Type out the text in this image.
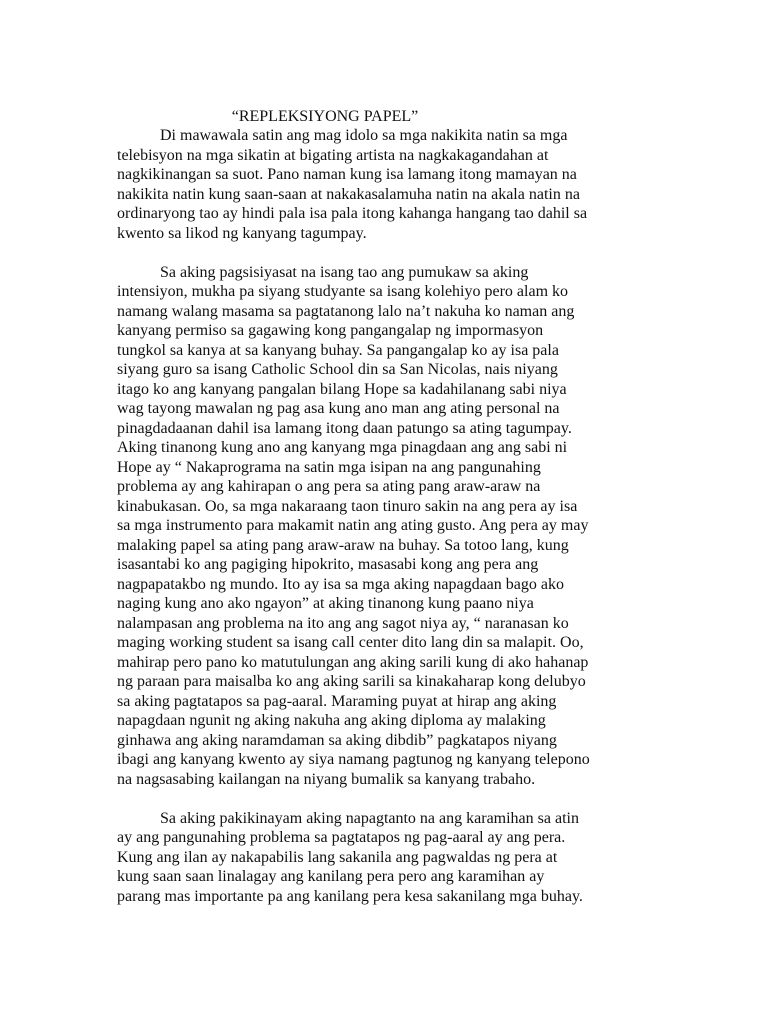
“REPLEKSIYONG PAPEL”
Di mawawala satin ang mag idolo sa mga nakikita natin sa mga
telebisyon na mga sikatin at bigating artista na nagkakagandahan at
nagkikinangan sa suot. Pano naman kung isa lamang itong mamayan na
nakikita natin kung saan-saan at nakakasalamuha natin na akala natin na
ordinaryong tao ay hindi pala isa pala itong kahanga hangang tao dahil sa
kwento sa likod ng kanyang tagumpay.
Sa aking pagsisiyasat na isang tao ang pumukaw sa aking
intensiyon, mukha pa siyang studyante sa isang kolehiyo pero alam ko
namang walang masama sa pagtatanong lalo na’t nakuha ko naman ang
kanyang permiso sa gagawing kong pangangalap ng impormasyon
tungkol sa kanya at sa kanyang buhay. Sa pangangalap ko ay isa pala
siyang guro sa isang Catholic School din sa San Nicolas, nais niyang
itago ko ang kanyang pangalan bilang Hope sa kadahilanang sabi niya
wag tayong mawalan ng pag asa kung ano man ang ating personal na
pinagdadaanan dahil isa lamang itong daan patungo sa ating tagumpay.
Aking tinanong kung ano ang kanyang mga pinagdaan ang ang sabi ni
Hope ay “ Nakaprograma na satin mga isipan na ang pangunahing
problema ay ang kahirapan o ang pera sa ating pang araw-araw na
kinabukasan. Oo, sa mga nakaraang taon tinuro sakin na ang pera ay isa
sa mga instrumento para makamit natin ang ating gusto. Ang pera ay may
malaking papel sa ating pang araw-araw na buhay. Sa totoo lang, kung
isasantabi ko ang pagiging hipokrito, masasabi kong ang pera ang
nagpapatakbo ng mundo. Ito ay isa sa mga aking napagdaan bago ako
naging kung ano ako ngayon” at aking tinanong kung paano niya
nalampasan ang problema na ito ang ang sagot niya ay, “ naranasan ko
maging working student sa isang call center dito lang din sa malapit. Oo,
mahirap pero pano ko matutulungan ang aking sarili kung di ako hahanap
ng paraan para maisalba ko ang aking sarili sa kinakaharap kong delubyo
sa aking pagtatapos sa pag-aaral. Maraming puyat at hirap ang aking
napagdaan ngunit ng aking nakuha ang aking diploma ay malaking
ginhawa ang aking naramdaman sa aking dibdib” pagkatapos niyang
ibagi ang kanyang kwento ay siya namang pagtunog ng kanyang telepono
na nagsasabing kailangan na niyang bumalik sa kanyang trabaho.
Sa aking pakikinayam aking napagtanto na ang karamihan sa atin
ay ang pangunahing problema sa pagtatapos ng pag-aaral ay ang pera.
Kung ang ilan ay nakapabilis lang sakanila ang pagwaldas ng pera at
kung saan saan linalagay ang kanilang pera pero ang karamihan ay
parang mas importante pa ang kanilang pera kesa sakanilang mga buhay.
